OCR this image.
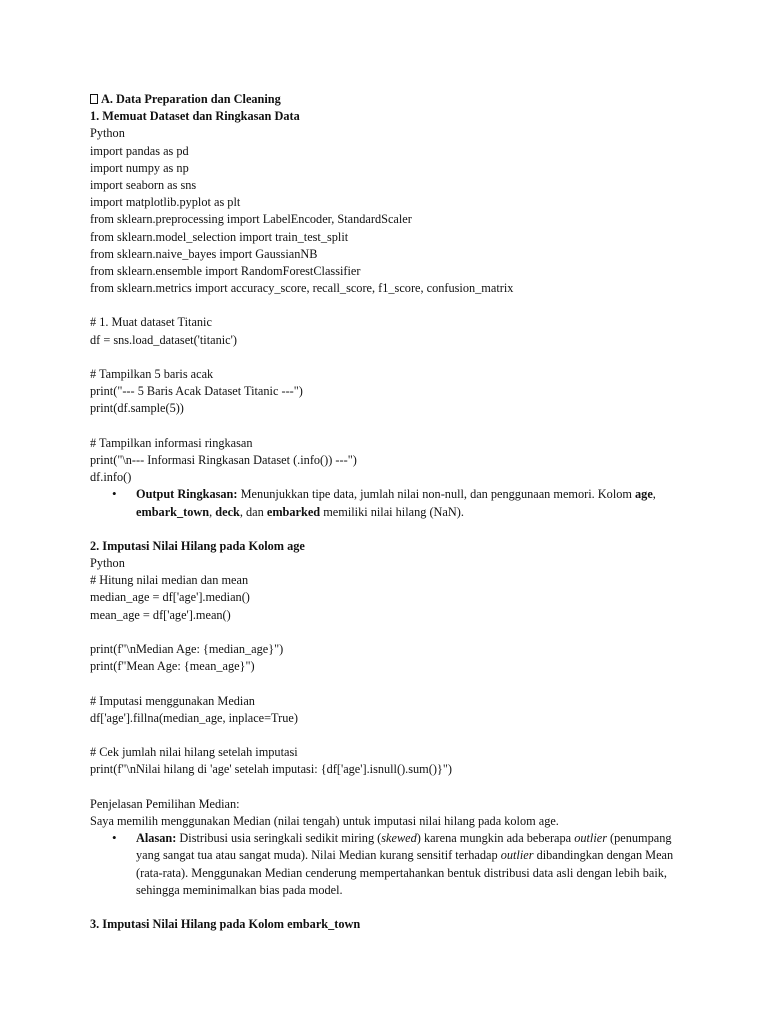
A. Data Preparation dan Cleaning
1. Memuat Dataset dan Ringkasan Data
Python
import pandas as pd
import numpy as np
import seaborn as sns
import matplotlib.pyplot as plt
from sklearn.preprocessing import LabelEncoder, StandardScaler
from sklearn.model_selection import train_test_split
from sklearn.naive_bayes import GaussianNB
from sklearn.ensemble import RandomForestClassifier
from sklearn.metrics import accuracy_score, recall_score, f1_score, confusion_matrix
# 1. Muat dataset Titanic
df = sns.load_dataset('titanic')
# Tampilkan 5 baris acak
print("--- 5 Baris Acak Dataset Titanic ---")
print(df.sample(5))
# Tampilkan informasi ringkasan
print("\n--- Informasi Ringkasan Dataset (.info()) ---")
df.info()
• Output Ringkasan: Menunjukkan tipe data, jumlah nilai non-null, dan penggunaan memori. Kolom age, embark_town, deck, dan embarked memiliki nilai hilang (NaN).
2. Imputasi Nilai Hilang pada Kolom age
Python
# Hitung nilai median dan mean
median_age = df['age'].median()
mean_age = df['age'].mean()
print(f"\nMedian Age: {median_age}")
print(f"Mean Age: {mean_age}")
# Imputasi menggunakan Median
df['age'].fillna(median_age, inplace=True)
# Cek jumlah nilai hilang setelah imputasi
print(f"\nNilai hilang di 'age' setelah imputasi: {df['age'].isnull().sum()}")
Penjelasan Pemilihan Median:
Saya memilih menggunakan Median (nilai tengah) untuk imputasi nilai hilang pada kolom age.
• Alasan: Distribusi usia seringkali sedikit miring (skewed) karena mungkin ada beberapa outlier (penumpang yang sangat tua atau sangat muda). Nilai Median kurang sensitif terhadap outlier dibandingkan dengan Mean (rata-rata). Menggunakan Median cenderung mempertahankan bentuk distribusi data asli dengan lebih baik, sehingga meminimalkan bias pada model.
3. Imputasi Nilai Hilang pada Kolom embark_town
